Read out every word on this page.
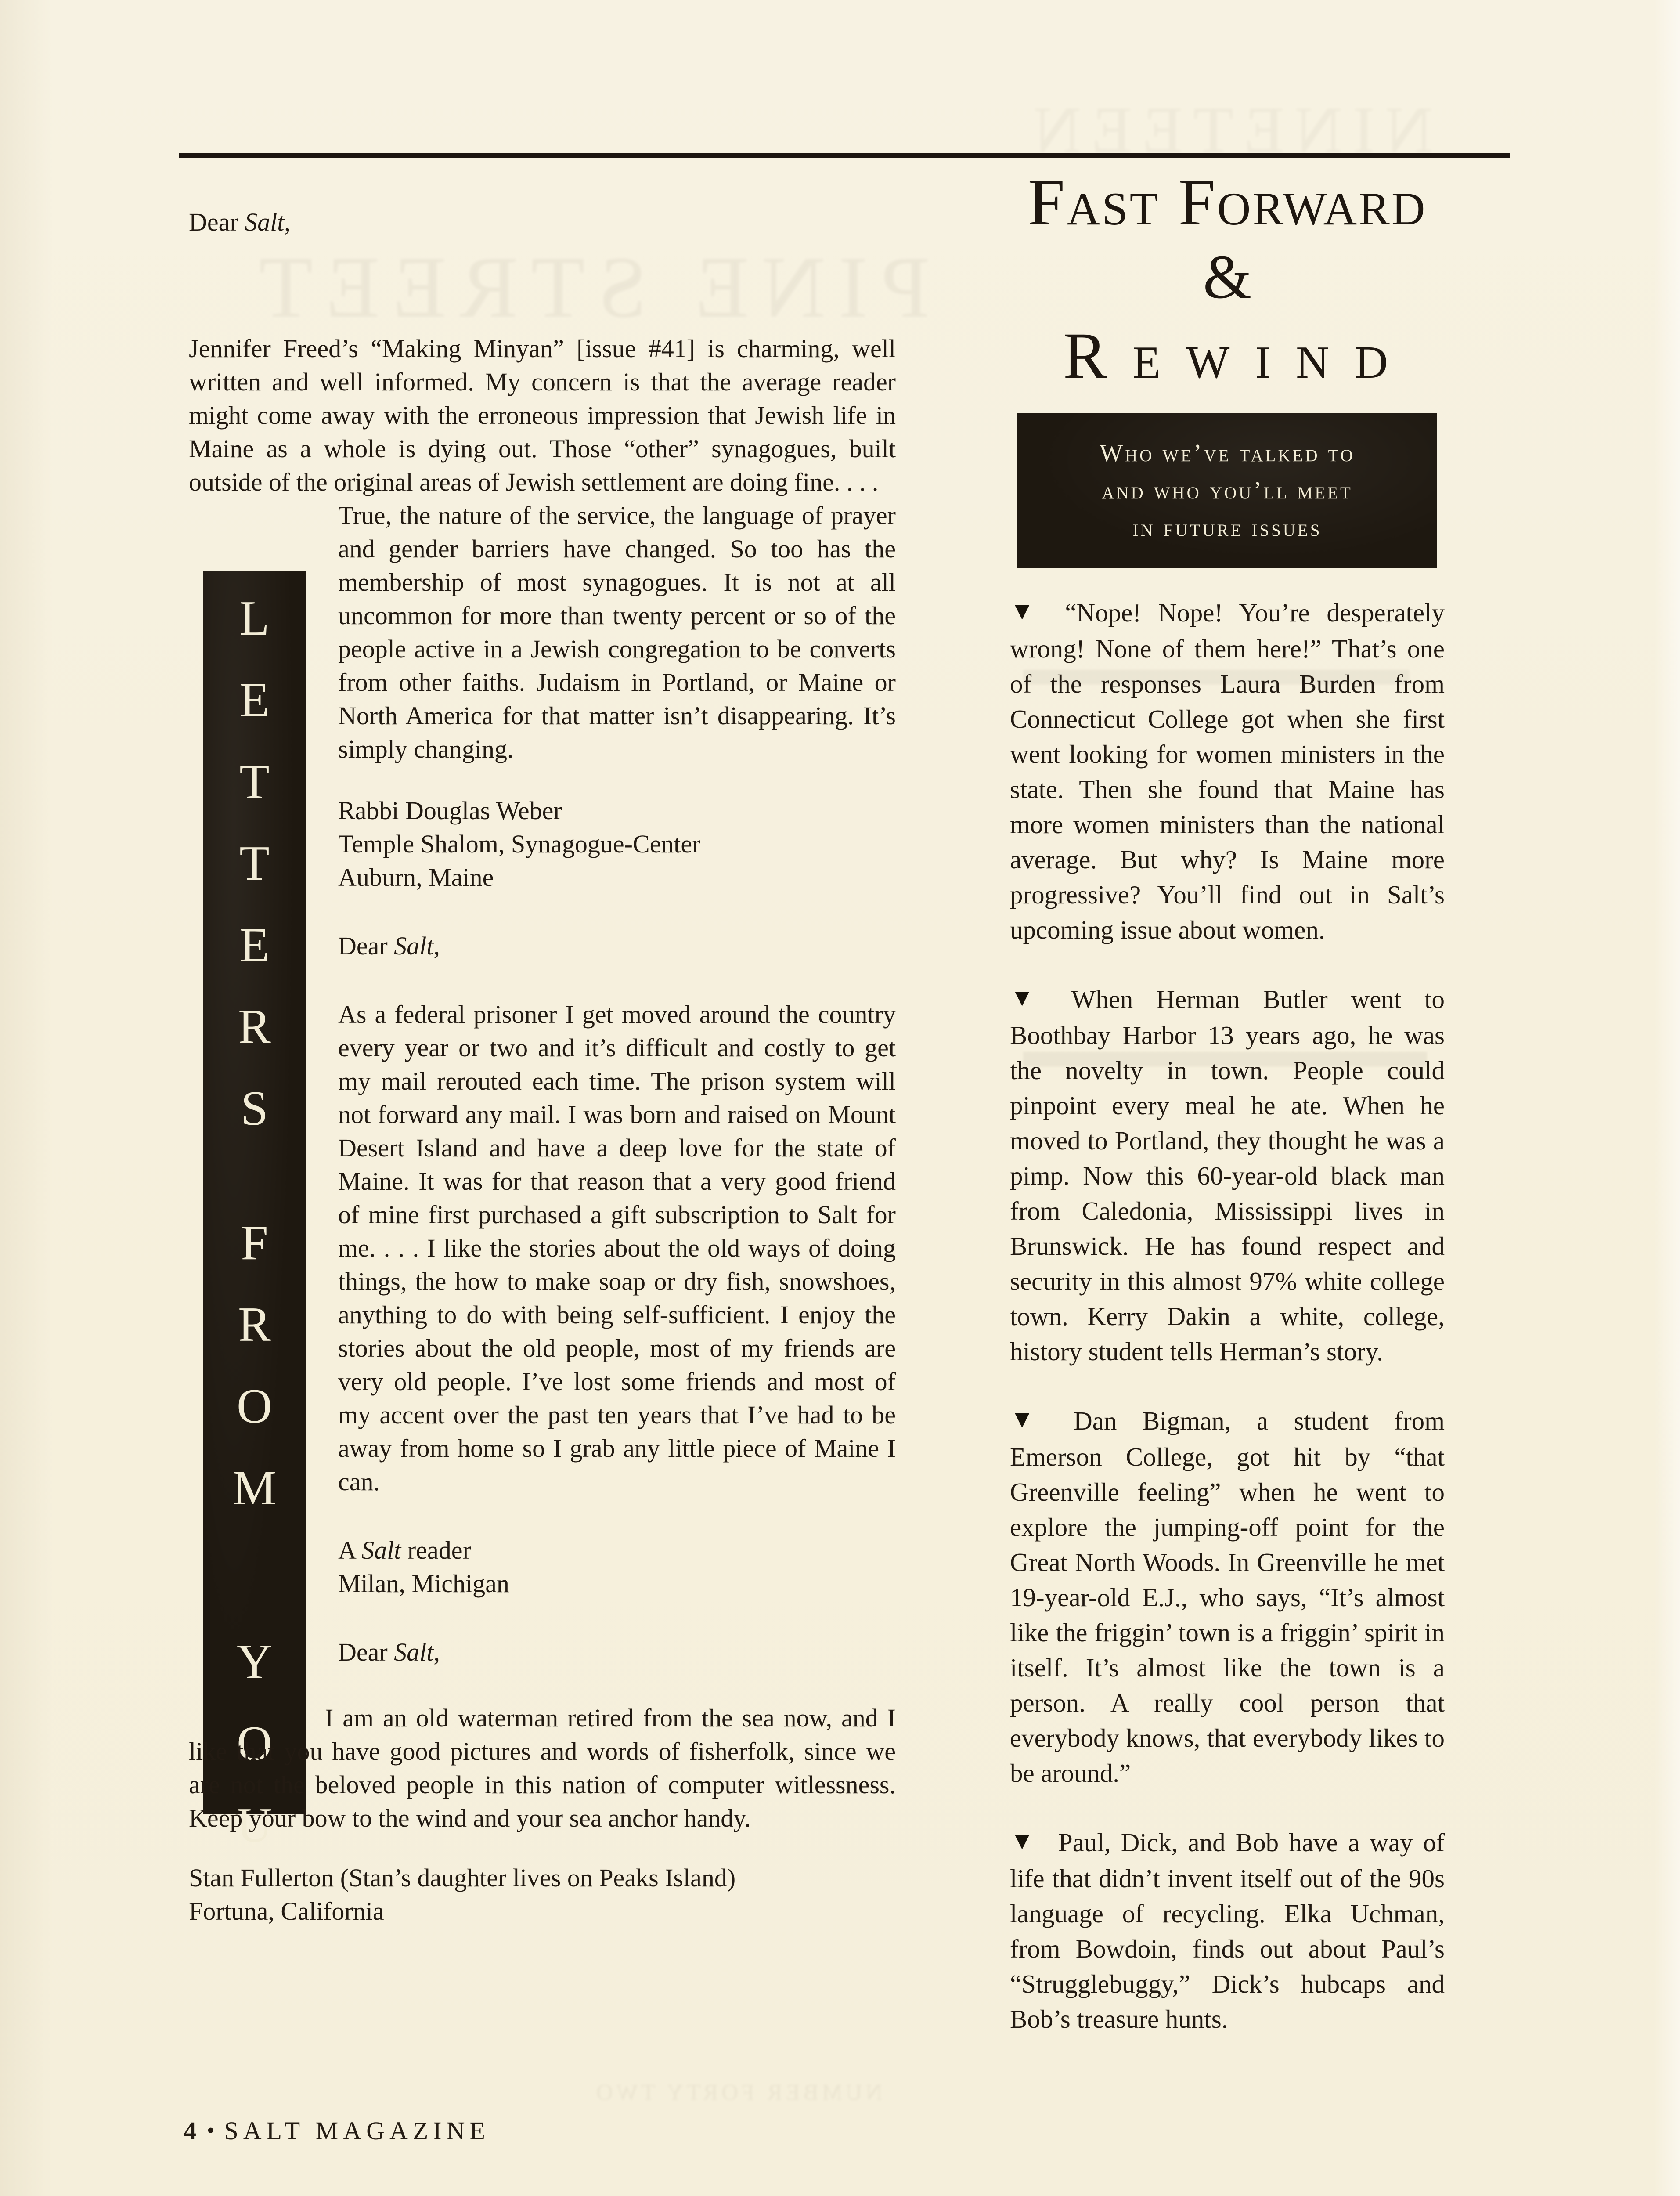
PINE STREET
NUMBER FORTY TWO
LETTERS
FROM
YOU

Dear Salt,

Jennifer Freed’s “Making Minyan” [issue #41] is charming, well written and well informed. My concern is that the average reader might come away with the erroneous impression that Jewish life in Maine as a whole is dying out. Those “other” synagogues, built outside of the original areas of Jewish settlement are doing fine. . . .

True, the nature of the service, the language of prayer and gender barriers have changed. So too has the membership of most synagogues. It is not at all uncommon for more than twenty percent or so of the people active in a Jewish congregation to be converts from other faiths. Judaism in Portland, or Maine or North America for that matter isn’t disappearing. It’s simply changing.

Rabbi Douglas Weber
Temple Shalom, Synagogue-Center
Auburn, Maine

Dear Salt,

As a federal prisoner I get moved around the country every year or two and it’s difficult and costly to get my mail rerouted each time. The prison system will not forward any mail. I was born and raised on Mount Desert Island and have a deep love for the state of Maine. It was for that reason that a very good friend of mine first purchased a gift subscription to Salt for me. . . . I like the stories about the old ways of doing things, the how to make soap or dry fish, snowshoes, anything to do with being self-sufficient. I enjoy the stories about the old people, most of my friends are very old people. I’ve lost some friends and most of my accent over the past ten years that I’ve had to be away from home so I grab any little piece of Maine I can.

A Salt reader
Milan, Michigan

Dear Salt,

I am an old waterman retired from the sea now, and I like that you have good pictures and words of fisherfolk, since we are not the beloved people in this nation of computer witlessness. Keep your bow to the wind and your sea anchor handy.

Stan Fullerton (Stan’s daughter lives on Peaks Island)
Fortuna, California
Fast Forward
&
Rewind
Who we’ve talked to
and who you’ll meet
in future issues

▼ “Nope! Nope! You’re desperately wrong! None of them here!” That’s one of the responses Laura Burden from Connecticut College got when she first went looking for women ministers in the state. Then she found that Maine has more women ministers than the national average. But why? Is Maine more progressive? You’ll find out in Salt’s upcoming issue about women.

▼ When Herman Butler went to Boothbay Harbor 13 years ago, he was the novelty in town. People could pinpoint every meal he ate. When he moved to Portland, they thought he was a pimp. Now this 60-year-old black man from Caledonia, Mississippi lives in Brunswick. He has found respect and security in this almost 97% white college town. Kerry Dakin a white, college, history student tells Herman’s story.

▼ Dan Bigman, a student from Emerson College, got hit by “that Greenville feeling” when he went to explore the jumping-off point for the Great North Woods. In Greenville he met 19-year-old E.J., who says, “It’s almost like the friggin’ town is a friggin’ spirit in itself. It’s almost like the town is a person. A really cool person that everybody knows, that everybody likes to be around.”

▼ Paul, Dick, and Bob have a way of life that didn’t invent itself out of the 90s language of recycling. Elka Uchman, from Bowdoin, finds out about Paul’s “Strugglebuggy,” Dick’s hubcaps and Bob’s treasure hunts.

4 • SALT MAGAZINE
